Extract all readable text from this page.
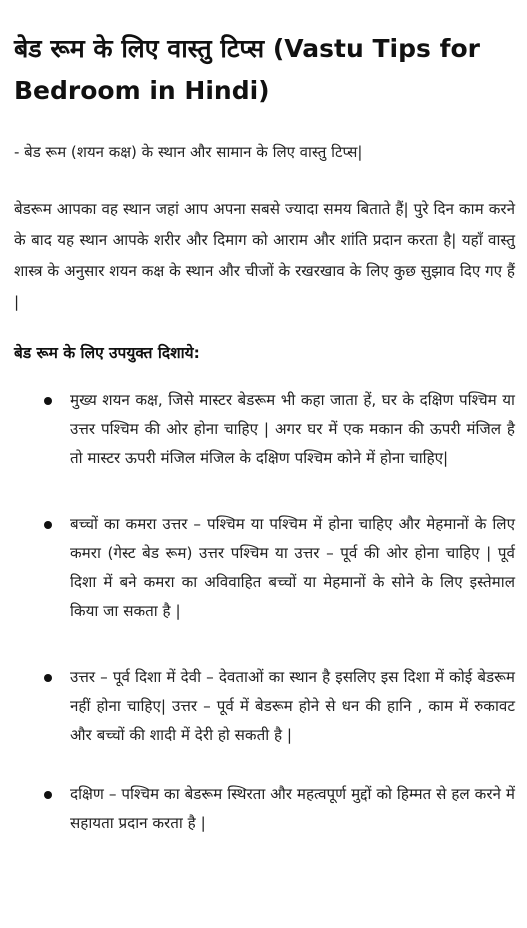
बेड रूम के लिए वास्तु टिप्स (Vastu Tips for Bedroom in Hindi)

- बेड रूम (शयन कक्ष) के स्थान और सामान के लिए वास्तु टिप्स|

बेडरूम आपका वह स्थान जहां आप अपना सबसे ज्यादा समय बिताते हैं| पुरे दिन काम करने के बाद यह स्थान आपके शरीर और दिमाग को आराम और शांति प्रदान करता है| यहाँ वास्तु शास्त्र के अनुसार शयन कक्ष के स्थान और चीजों के रखरखाव के लिए कुछ सुझाव दिए गए हैं |

बेड रूम के लिए उपयुक्त दिशाये:
मुख्य शयन कक्ष, जिसे मास्टर बेडरूम भी कहा जाता हें, घर के दक्षिण पश्चिम या उत्तर पश्चिम की ओर होना चाहिए | अगर घर में एक मकान की ऊपरी मंजिल है तो मास्टर ऊपरी मंजिल मंजिल के दक्षिण पश्चिम कोने में होना चाहिए|
बच्चों का कमरा उत्तर – पश्चिम या पश्चिम में होना चाहिए और मेहमानों के लिए कमरा (गेस्ट बेड रूम) उत्तर पश्चिम या उत्तर – पूर्व की ओर होना चाहिए | पूर्व दिशा में बने कमरा का अविवाहित बच्चों या मेहमानों के सोने के लिए इस्तेमाल किया जा सकता है |
उत्तर – पूर्व दिशा में देवी – देवताओं का स्थान है इसलिए इस दिशा में कोई बेडरूम नहीं होना चाहिए| उत्तर – पूर्व में बेडरूम होने से धन की हानि , काम में रुकावट और बच्चों की शादी में देरी हो सकती है |
दक्षिण – पश्चिम का बेडरूम स्थिरता और महत्वपूर्ण मुद्दों को हिम्मत से हल करने में सहायता प्रदान करता है |
